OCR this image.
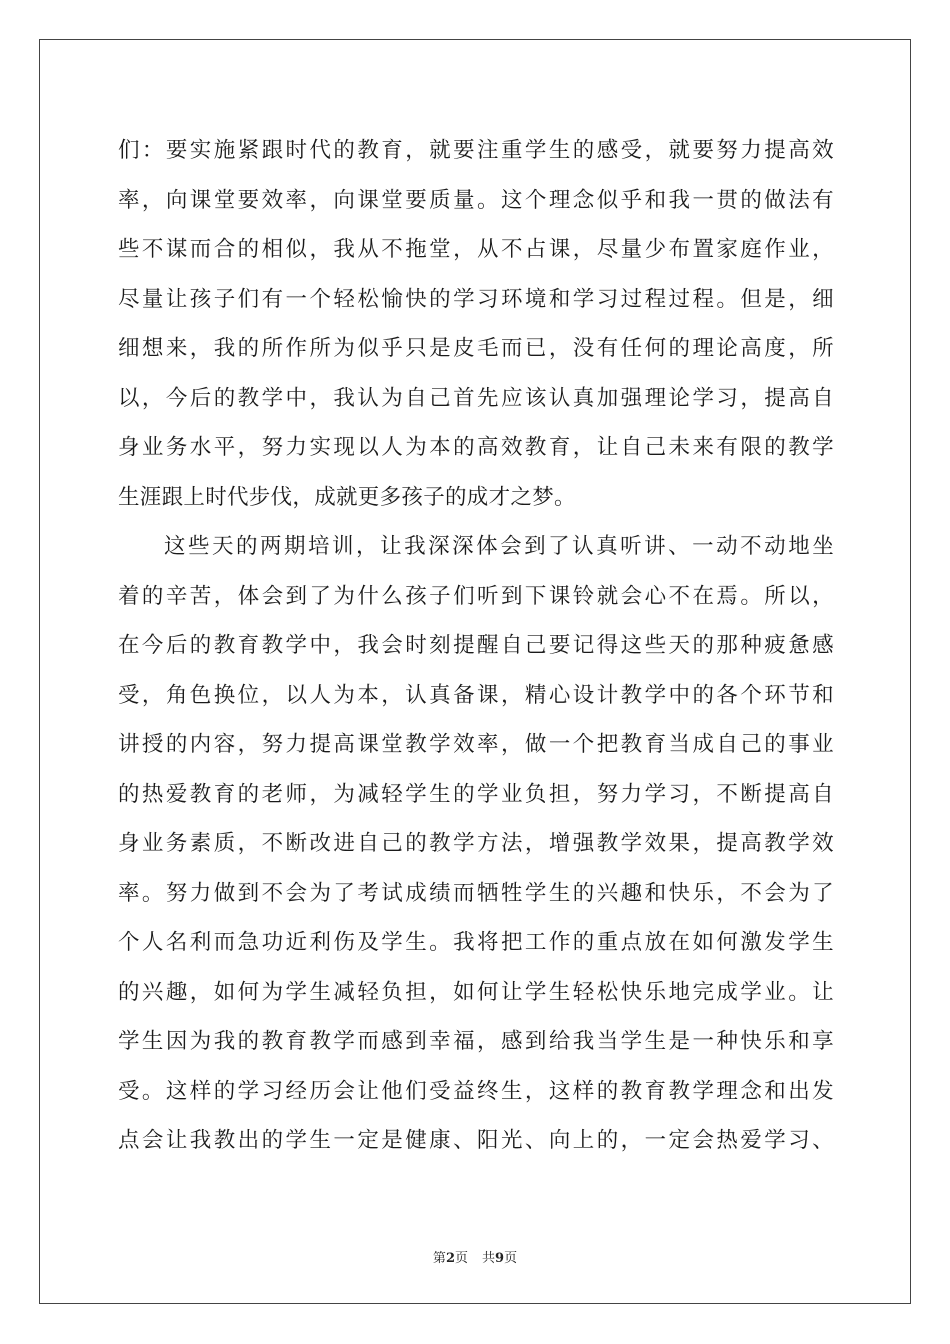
们：要实施紧跟时代的教育，就要注重学生的感受，就要努力提高效
率，向课堂要效率，向课堂要质量。这个理念似乎和我一贯的做法有
些不谋而合的相似，我从不拖堂，从不占课，尽量少布置家庭作业，
尽量让孩子们有一个轻松愉快的学习环境和学习过程过程。但是，细
细想来，我的所作所为似乎只是皮毛而已，没有任何的理论高度，所
以，今后的教学中，我认为自己首先应该认真加强理论学习，提高自
身业务水平，努力实现以人为本的高效教育，让自己未来有限的教学
生涯跟上时代步伐，成就更多孩子的成才之梦。
这些天的两期培训，让我深深体会到了认真听讲、一动不动地坐
着的辛苦，体会到了为什么孩子们听到下课铃就会心不在焉。所以，
在今后的教育教学中，我会时刻提醒自己要记得这些天的那种疲惫感
受，角色换位，以人为本，认真备课，精心设计教学中的各个环节和
讲授的内容，努力提高课堂教学效率，做一个把教育当成自己的事业
的热爱教育的老师，为减轻学生的学业负担，努力学习，不断提高自
身业务素质，不断改进自己的教学方法，增强教学效果，提高教学效
率。努力做到不会为了考试成绩而牺牲学生的兴趣和快乐，不会为了
个人名利而急功近利伤及学生。我将把工作的重点放在如何激发学生
的兴趣，如何为学生减轻负担，如何让学生轻松快乐地完成学业。让
学生因为我的教育教学而感到幸福，感到给我当学生是一种快乐和享
受。这样的学习经历会让他们受益终生，这样的教育教学理念和出发
点会让我教出的学生一定是健康、阳光、向上的，一定会热爱学习、
第2页 共9页
